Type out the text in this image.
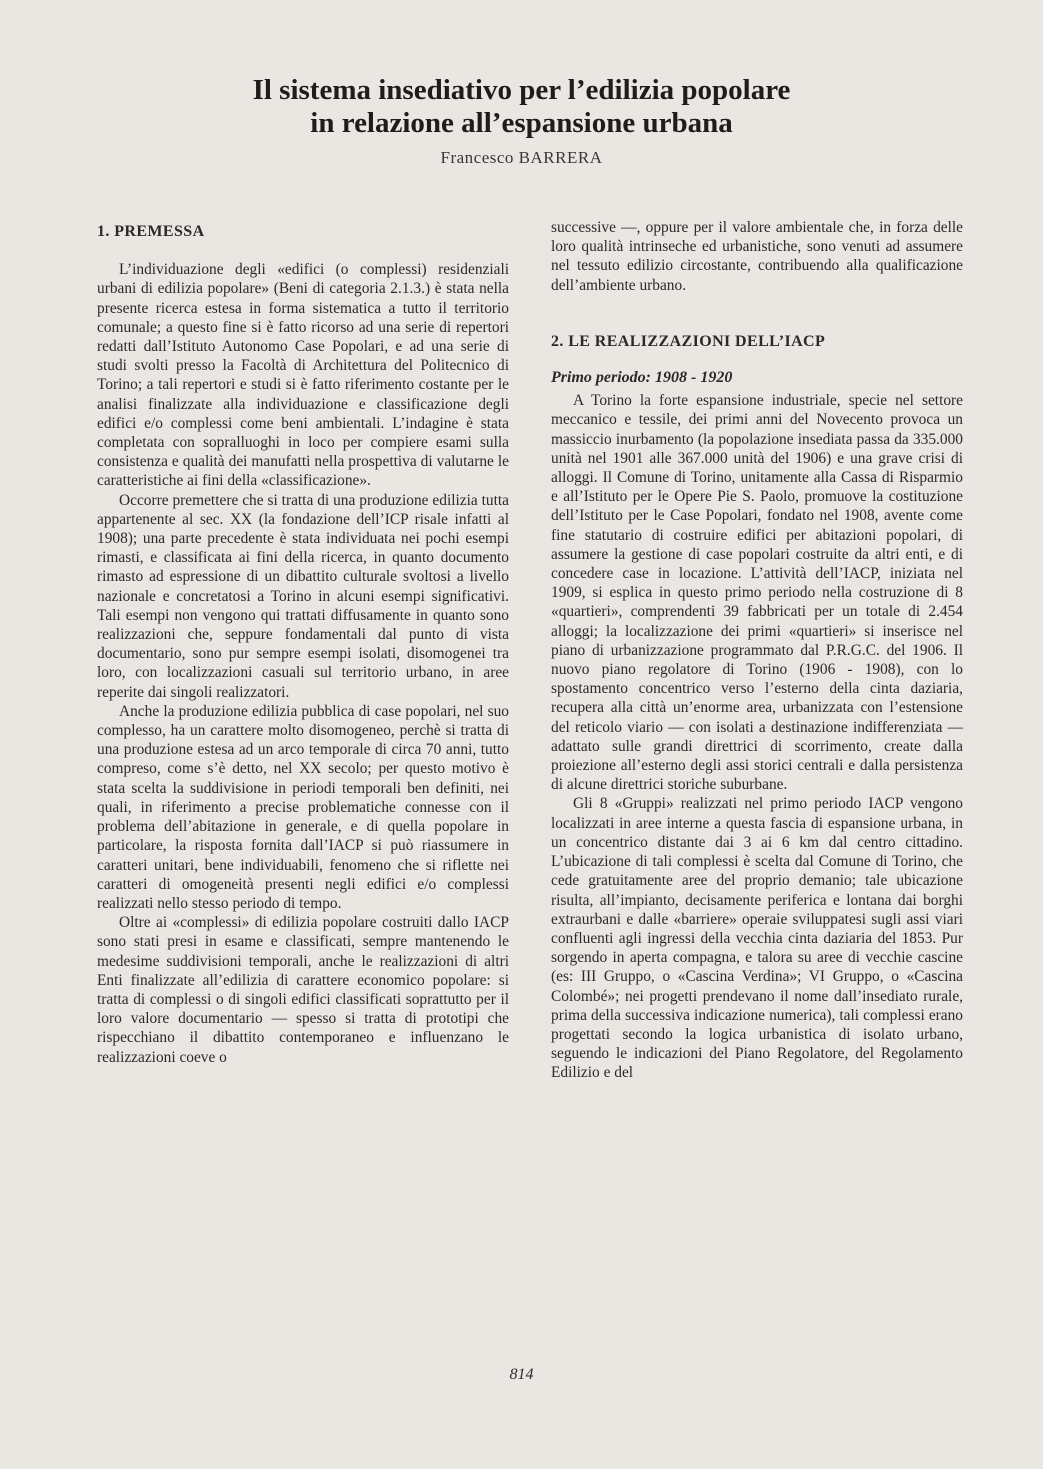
Il sistema insediativo per l’edilizia popolare
in relazione all’espansione urbana
Francesco BARRERA
1. PREMESSA

L’individuazione degli «edifici (o complessi) residenziali urbani di edilizia popolare» (Beni di categoria 2.1.3.) è stata nella presente ricerca estesa in forma sistematica a tutto il territorio comunale; a questo fine si è fatto ricorso ad una serie di repertori redatti dall’Istituto Autonomo Case Popolari, e ad una serie di studi svolti presso la Facoltà di Architettura del Politecnico di Torino; a tali repertori e studi si è fatto riferimento costante per le analisi finalizzate alla individuazione e classificazione degli edifici e/o complessi come beni ambientali. L’indagine è stata completata con sopralluoghi in loco per compiere esami sulla consistenza e qualità dei manufatti nella prospettiva di valutarne le caratteristiche ai fini della «classificazione».

Occorre premettere che si tratta di una produzione edilizia tutta appartenente al sec. XX (la fondazione dell’ICP risale infatti al 1908); una parte precedente è stata individuata nei pochi esempi rimasti, e classificata ai fini della ricerca, in quanto documento rimasto ad espressione di un dibattito culturale svoltosi a livello nazionale e concretatosi a Torino in alcuni esempi significativi. Tali esempi non vengono qui trattati diffusamente in quanto sono realizzazioni che, seppure fondamentali dal punto di vista documentario, sono pur sempre esempi isolati, disomogenei tra loro, con localizzazioni casuali sul territorio urbano, in aree reperite dai singoli realizzatori.

Anche la produzione edilizia pubblica di case popolari, nel suo complesso, ha un carattere molto disomogeneo, perchè si tratta di una produzione estesa ad un arco temporale di circa 70 anni, tutto compreso, come s’è detto, nel XX secolo; per questo motivo è stata scelta la suddivisione in periodi temporali ben definiti, nei quali, in riferimento a precise problematiche connesse con il problema dell’abitazione in generale, e di quella popolare in particolare, la risposta fornita dall’IACP si può riassumere in caratteri unitari, bene individuabili, fenomeno che si riflette nei caratteri di omogeneità presenti negli edifici e/o complessi realizzati nello stesso periodo di tempo.

Oltre ai «complessi» di edilizia popolare costruiti dallo IACP sono stati presi in esame e classificati, sempre mantenendo le medesime suddivisioni temporali, anche le realizzazioni di altri Enti finalizzate all’edilizia di carattere economico popolare: si tratta di complessi o di singoli edifici classificati soprattutto per il loro valore documentario — spesso si tratta di prototipi che rispecchiano il dibattito contemporaneo e influenzano le realizzazioni coeve o

successive —, oppure per il valore ambientale che, in forza delle loro qualità intrinseche ed urbanistiche, sono venuti ad assumere nel tessuto edilizio circostante, contribuendo alla qualificazione dell’ambiente urbano.

2. LE REALIZZAZIONI DELL’IACP
Primo periodo: 1908 - 1920

A Torino la forte espansione industriale, specie nel settore meccanico e tessile, dei primi anni del Novecento provoca un massiccio inurbamento (la popolazione insediata passa da 335.000 unità nel 1901 alle 367.000 unità del 1906) e una grave crisi di alloggi. Il Comune di Torino, unitamente alla Cassa di Risparmio e all’Istituto per le Opere Pie S. Paolo, promuove la costituzione dell’Istituto per le Case Popolari, fondato nel 1908, avente come fine statutario di costruire edifici per abitazioni popolari, di assumere la gestione di case popolari costruite da altri enti, e di concedere case in locazione. L’attività dell’IACP, iniziata nel 1909, si esplica in questo primo periodo nella costruzione di 8 «quartieri», comprendenti 39 fabbricati per un totale di 2.454 alloggi; la localizzazione dei primi «quartieri» si inserisce nel piano di urbanizzazione programmato dal P.R.G.C. del 1906. Il nuovo piano regolatore di Torino (1906 - 1908), con lo spostamento concentrico verso l’esterno della cinta daziaria, recupera alla città un’enorme area, urbanizzata con l’estensione del reticolo viario — con isolati a destinazione indifferenziata — adattato sulle grandi direttrici di scorrimento, create dalla proiezione all’esterno degli assi storici centrali e dalla persistenza di alcune direttrici storiche suburbane.

Gli 8 «Gruppi» realizzati nel primo periodo IACP vengono localizzati in aree interne a questa fascia di espansione urbana, in un concentrico distante dai 3 ai 6 km dal centro cittadino. L’ubicazione di tali complessi è scelta dal Comune di Torino, che cede gratuitamente aree del proprio demanio; tale ubicazione risulta, all’impianto, decisamente periferica e lontana dai borghi extraurbani e dalle «barriere» operaie sviluppatesi sugli assi viari confluenti agli ingressi della vecchia cinta daziaria del 1853. Pur sorgendo in aperta compagna, e talora su aree di vecchie cascine (es: III Gruppo, o «Cascina Verdina»; VI Gruppo, o «Cascina Colombé»; nei progetti prendevano il nome dall’insediato rurale, prima della successiva indicazione numerica), tali complessi erano progettati secondo la logica urbanistica di isolato urbano, seguendo le indicazioni del Piano Regolatore, del Regolamento Edilizio e del

814
